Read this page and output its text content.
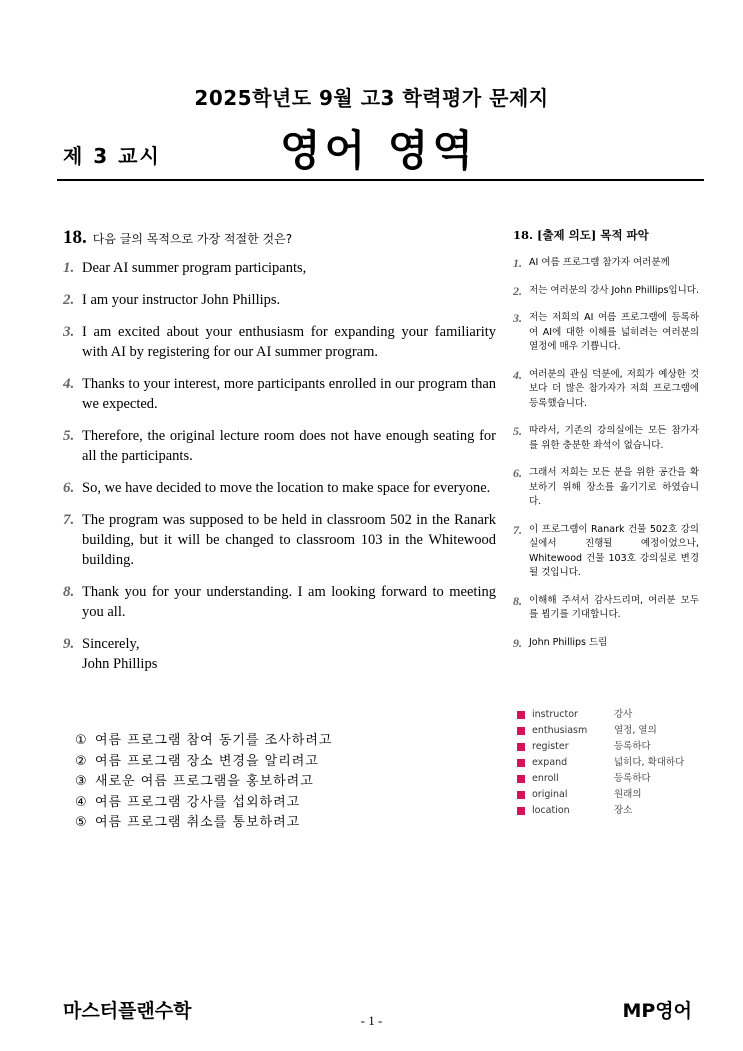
2025학년도 9월 고3 학력평가 문제지
제 3 교시	영어 영역
18. 다음 글의 목적으로 가장 적절한 것은?
1. Dear AI summer program participants,
2. I am your instructor John Phillips.
3. I am excited about your enthusiasm for expanding your familiarity with AI by registering for our AI summer program.
4. Thanks to your interest, more participants enrolled in our program than we expected.
5. Therefore, the original lecture room does not have enough seating for all the participants.
6. So, we have decided to move the location to make space for everyone.
7. The program was supposed to be held in classroom 502 in the Ranark building, but it will be changed to classroom 103 in the Whitewood building.
8. Thank you for your understanding. I am looking forward to meeting you all.
9. Sincerely,
John Phillips
① 여름 프로그램 참여 동기를 조사하려고
② 여름 프로그램 장소 변경을 알리려고
③ 새로운 여름 프로그램을 홍보하려고
④ 여름 프로그램 강사를 섭외하려고
⑤ 여름 프로그램 취소를 통보하려고
18. [출제 의도] 목적 파악
1. AI 여름 프로그램 참가자 여러분께
2. 저는 여러분의 강사 John Phillips입니다.
3. 저는 저희의 AI 여름 프로그램에 등록하여 AI에 대한 이해를 넓히려는 여러분의 열정에 매우 기쁩니다.
4. 여러분의 관심 덕분에, 저희가 예상한 것보다 더 많은 참가자가 저희 프로그램에 등록했습니다.
5. 따라서, 기존의 강의실에는 모든 참가자를 위한 충분한 좌석이 없습니다.
6. 그래서 저희는 모든 분을 위한 공간을 확보하기 위해 장소를 옮기기로 하였습니다.
7. 이 프로그램이 Ranark 건물 502호 강의실에서 진행될 예정이었으나, Whitewood 건물 103호 강의실로 변경될 것입니다.
8. 이해해 주셔서 감사드리며, 여러분 모두를 뵙기를 기대합니다.
9. John Phillips 드림
instructor	강사
enthusiasm	열정, 열의
register	등록하다
expand	넓히다, 확대하다
enroll	등록하다
original	원래의
location	장소
마스터플랜수학	- 1 -	MP영어
